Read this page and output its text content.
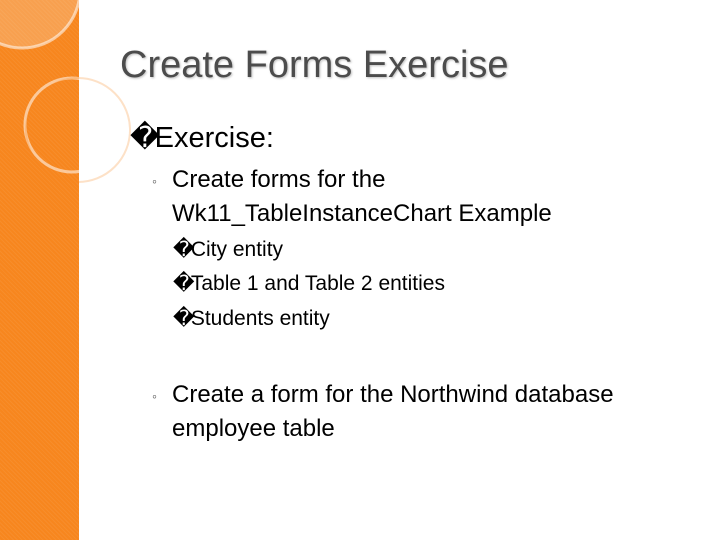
Create Forms Exercise
�Exercise:
◦ Create forms for the
Wk11_TableInstanceChart Example
�City entity
�Table 1 and Table 2 entities
�Students entity
◦ Create a form for the Northwind database
employee table
